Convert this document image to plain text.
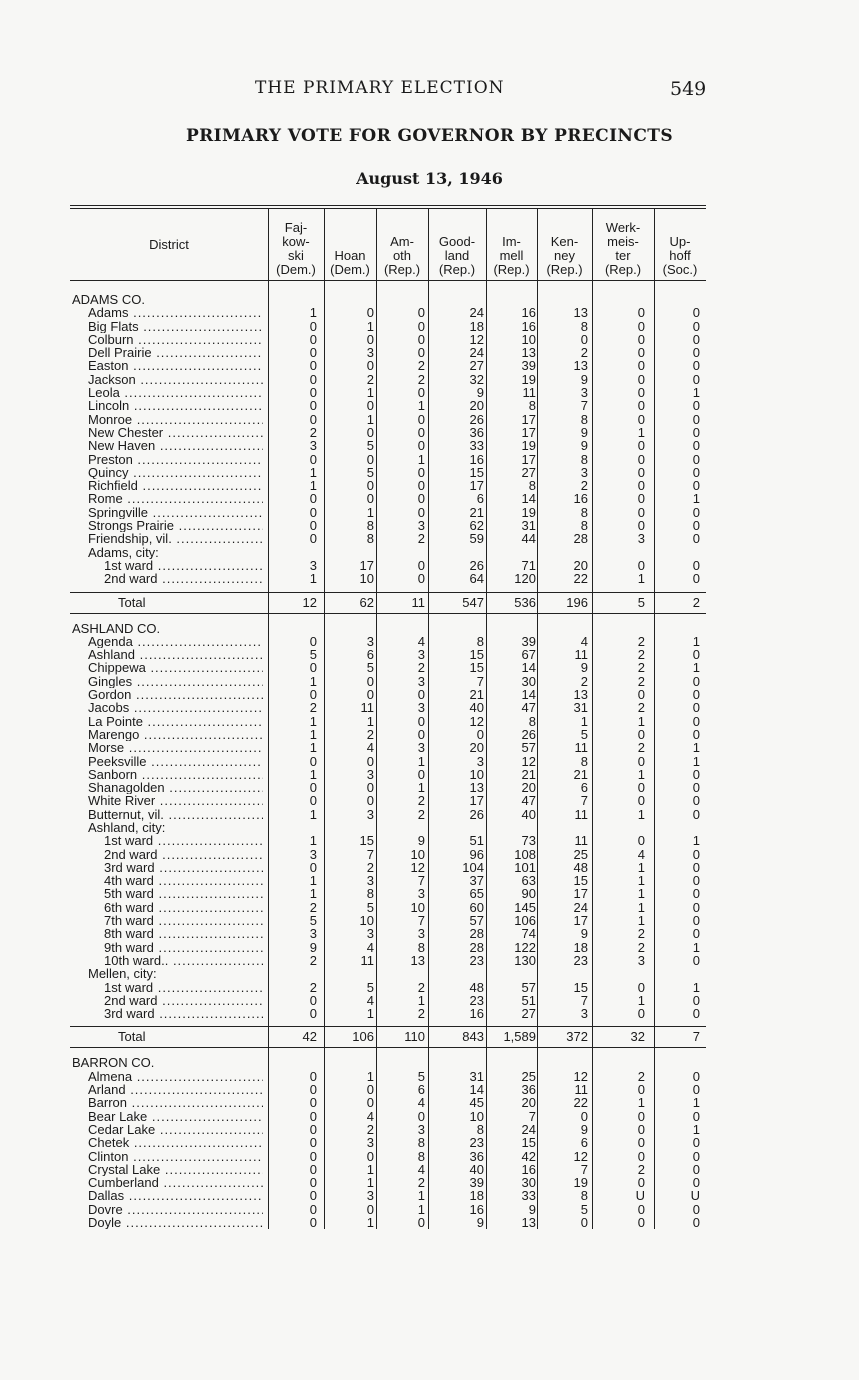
THE PRIMARY ELECTION	549
PRIMARY VOTE FOR GOVERNOR BY PRECINCTS
August 13, 1946
District
Faj-
kow-
ski
(Dem.)
Hoan
(Dem.)
Am-
oth
(Rep.)
Good-
land
(Rep.)
Im-
mell
(Rep.)
Ken-
ney
(Rep.)
Werk-
meis-
ter
(Rep.)
Up-
hoff
(Soc.)
ADAMS CO.
Adams .....	1	0	0	24	16	13	0	0
Big Flats .....	0	1	0	18	16	8	0	0
Colburn .....	0	0	0	12	10	0	0	0
Dell Prairie .....	0	3	0	24	13	2	0	0
Easton .....	0	0	2	27	39	13	0	0
Jackson .....	0	2	2	32	19	9	0	0
Leola .....	0	1	0	9	11	3	0	1
Lincoln .....	0	0	1	20	8	7	0	0
Monroe .....	0	1	0	26	17	8	0	0
New Chester .....	2	0	0	36	17	9	1	0
New Haven .....	3	5	0	33	19	9	0	0
Preston .....	0	0	1	16	17	8	0	0
Quincy .....	1	5	0	15	27	3	0	0
Richfield .....	1	0	0	17	8	2	0	0
Rome .....	0	0	0	6	14	16	0	1
Springville .....	0	1	0	21	19	8	0	0
Strongs Prairie .....	0	8	3	62	31	8	0	0
Friendship, vil. .....	0	8	2	59	44	28	3	0
Adams, city:
1st ward .....	3	17	0	26	71	20	0	0
2nd ward .....	1	10	0	64 120	22	1	0
Total	12	62	11	547 536 196	5	2
ASHLAND CO.
Agenda .....	0	3	4	8	39	4	2	1
Ashland .....	5	6	3	15	67	11	2	0
Chippewa .....	0	5	2	15	14	9	2	1
Gingles .....	1	0	3	7	30	2	2	0
Gordon .....	0	0	0	21	14	13	0	0
Jacobs .....	2	11	3	40	47	31	2	0
La Pointe .....	1	1	0	12	8	1	1	0
Marengo .....	1	2	0	0	26	5	0	0
Morse .....	1	4	3	20	57	11	2	1
Peeksville .....	0	0	1	3	12	8	0	1
Sanborn .....	1	3	0	10	21	21	1	0
Shanagolden .....	0	0	1	13	20	6	0	0
White River .....	0	0	2	17	47	7	0	0
Butternut, vil. .....	1	3	2	26	40	11	1	0
Ashland, city:
1st ward .....	1	15	9	51	73	11	0	1
2nd ward .....	3	7	10	96 108	25	4	0
3rd ward .....	0	2	12	104 101	48	1	0
4th ward .....	1	3	7	37	63	15	1	0
5th ward .....	1	8	3	65	90	17	1	0
6th ward .....	2	5	10	60 145	24	1	0
7th ward .....	5	10	7	57 106	17	1	0
8th ward .....	3	3	3	28	74	9	2	0
9th ward .....	9	4	8	28 122	18	2	1
10th ward.. .....	2	11	13	23 130	23	3	0
Mellen, city:
1st ward .....	2	5	2	48	57	15	0	1
2nd ward .....	0	4	1	23	51	7	1	0
3rd ward .....	0	1	2	16	27	3	0	0
Total	42	106 110	843 1,589 372	32	7
BARRON CO.
Almena .....	0	1	5	31	25	12	2	0
Arland .....	0	0	6	14	36	11	0	0
Barron .....	0	0	4	45	20	22	1	1
Bear Lake .....	0	4	0	10	7	0	0	0
Cedar Lake .....	0	2	3	8	24	9	0	1
Chetek .....	0	3	8	23	15	6	0	0
Clinton .....	0	0	8	36	42	12	0	0
Crystal Lake .....	0	1	4	40	16	7	2	0
Cumberland .....	0	1	2	39	30	19	0	0
Dallas .....	0	3	1	18	33	8	U	U
Dovre .....	0	0	1	16	9	5	0	0
Doyle .....	0	1	0	9	13	0	0	0
